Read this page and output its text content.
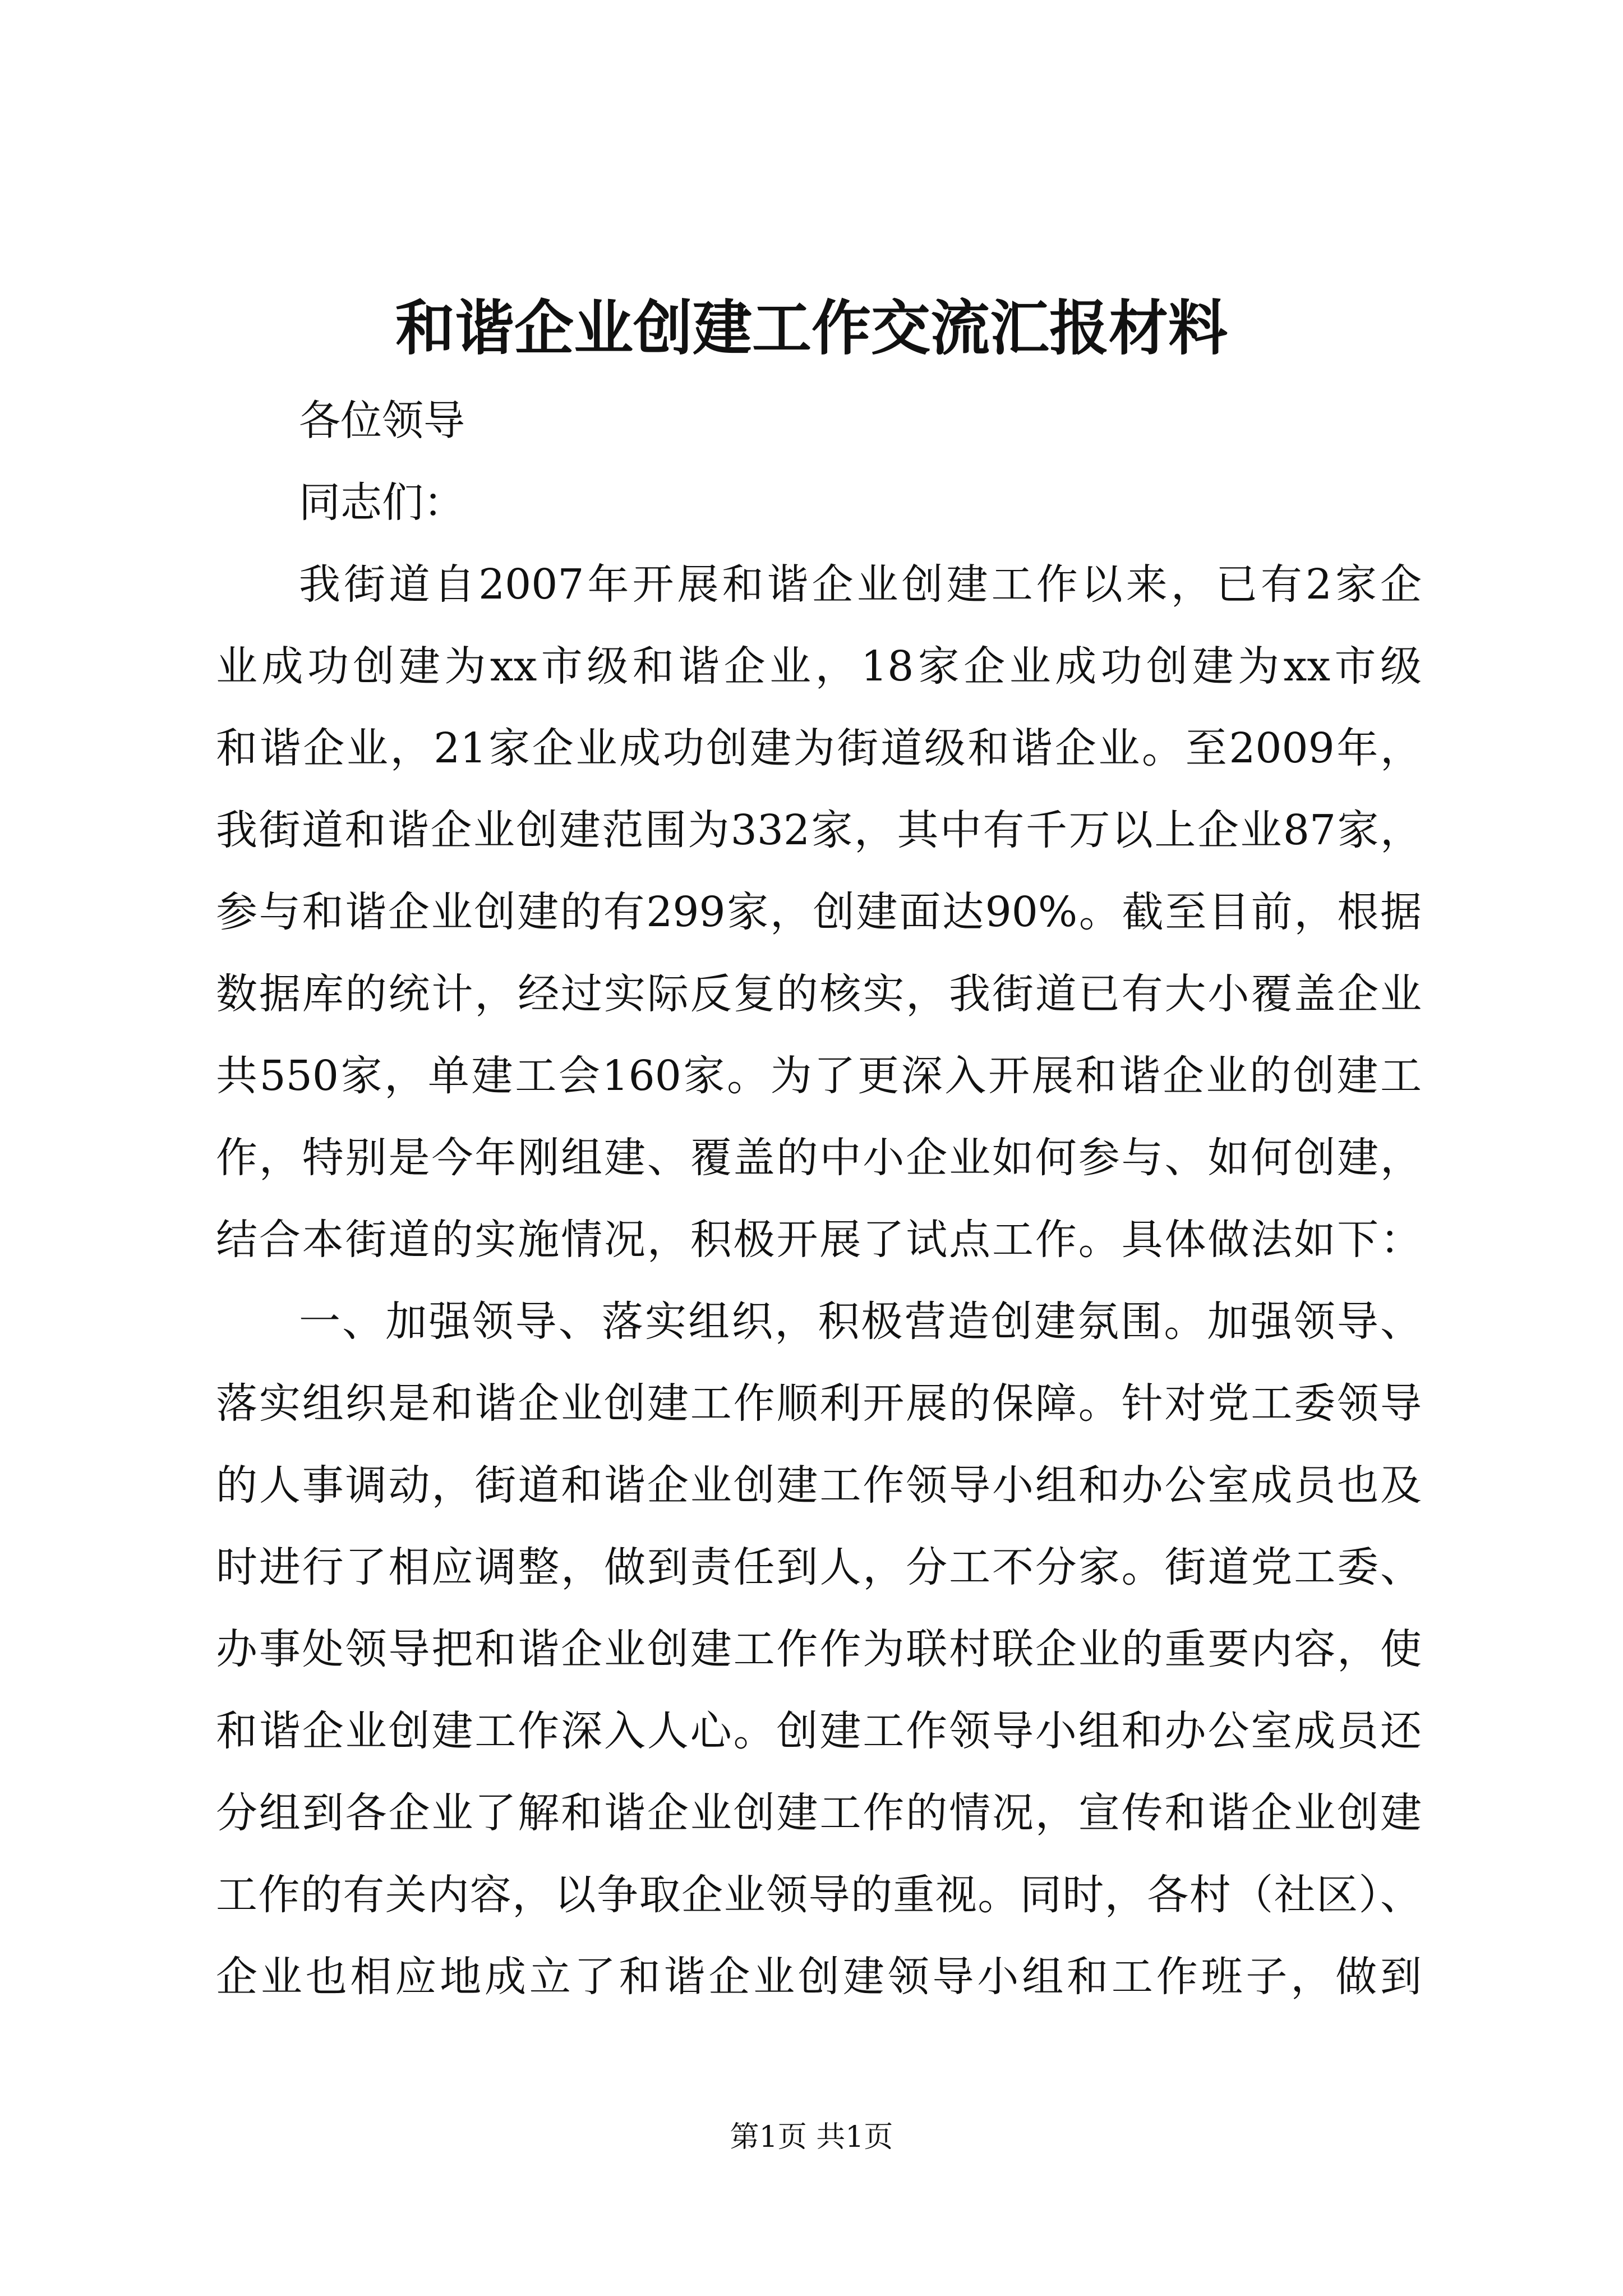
和谐企业创建工作交流汇报材料
各位领导
同志们：
我街道自2007年开展和谐企业创建工作以来，已有2家企
业成功创建为xx市级和谐企业，18家企业成功创建为xx市级
和谐企业，21家企业成功创建为街道级和谐企业。至2009年，
我街道和谐企业创建范围为332家，其中有千万以上企业87家，
参与和谐企业创建的有299家，创建面达90%。截至目前，根据
数据库的统计，经过实际反复的核实，我街道已有大小覆盖企业
共550家，单建工会160家。为了更深入开展和谐企业的创建工
作，特别是今年刚组建、覆盖的中小企业如何参与、如何创建，
结合本街道的实施情况，积极开展了试点工作。具体做法如下：
一、加强领导、落实组织，积极营造创建氛围。加强领导、
落实组织是和谐企业创建工作顺利开展的保障。针对党工委领导
的人事调动，街道和谐企业创建工作领导小组和办公室成员也及
时进行了相应调整，做到责任到人，分工不分家。街道党工委、
办事处领导把和谐企业创建工作作为联村联企业的重要内容，使
和谐企业创建工作深入人心。创建工作领导小组和办公室成员还
分组到各企业了解和谐企业创建工作的情况，宣传和谐企业创建
工作的有关内容，以争取企业领导的重视。同时，各村（社区）、
企业也相应地成立了和谐企业创建领导小组和工作班子，做到
第1页 共1页
